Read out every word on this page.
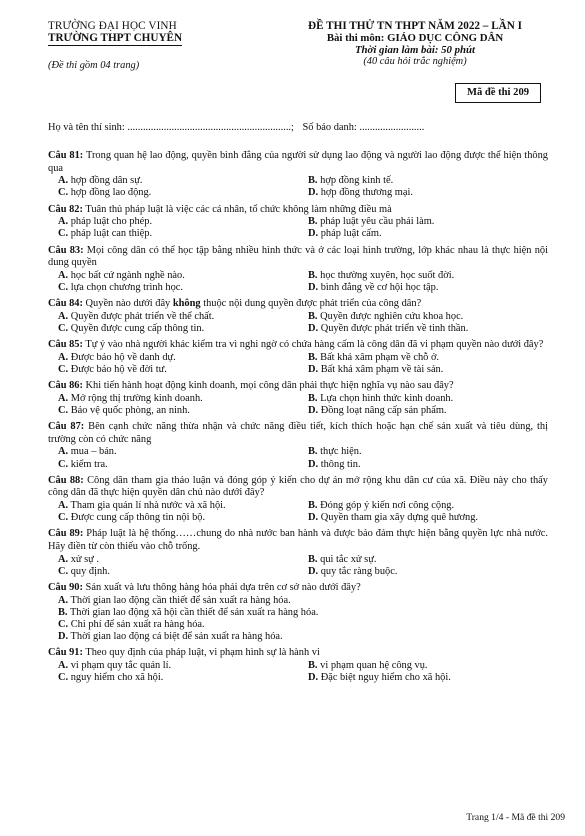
TRƯỜNG ĐẠI HỌC VINH
TRƯỜNG THPT CHUYÊN
(Đề thi gồm 04 trang)
ĐỀ THI THỬ TN THPT NĂM 2022 – LẦN I
Bài thi môn: GIÁO DỤC CÔNG DÂN
Thời gian làm bài: 50 phút
(40 câu hỏi trắc nghiệm)
Mã đề thi 209
Họ và tên thí sinh: ...............................................................; Số báo danh: .........................
Câu 81: Trong quan hệ lao động, quyền bình đẳng của người sử dụng lao động và người lao động được thể hiện thông qua
A. hợp đồng dân sự.	B. hợp đồng kinh tế.
C. hợp đồng lao động.	D. hợp đồng thương mại.
Câu 82: Tuân thủ pháp luật là việc các cá nhân, tổ chức không làm những điều mà
A. pháp luật cho phép.	B. pháp luật yêu cầu phải làm.
C. pháp luật can thiệp.	D. pháp luật cấm.
Câu 83: Mọi công dân có thể học tập bằng nhiều hình thức và ở các loại hình trường, lớp khác nhau là thực hiện nội dung quyền
A. học bất cứ ngành nghề nào.	B. học thường xuyên, học suốt đời.
C. lựa chọn chương trình học.	D. bình đẳng về cơ hội học tập.
Câu 84: Quyền nào dưới đây không thuộc nội dung quyền được phát triển của công dân?
A. Quyền được phát triển về thể chất.	B. Quyền được nghiên cứu khoa học.
C. Quyền được cung cấp thông tin.	D. Quyền được phát triển về tinh thần.
Câu 85: Tự ý vào nhà người khác kiểm tra vì nghi ngờ có chứa hàng cấm là công dân đã vi phạm quyền nào dưới đây?
A. Được bảo hộ về danh dự.	B. Bất khả xâm phạm về chỗ ở.
C. Được bảo hộ về đời tư.	D. Bất khả xâm phạm về tài sản.
Câu 86: Khi tiến hành hoạt động kinh doanh, mọi công dân phải thực hiện nghĩa vụ nào sau đây?
A. Mở rộng thị trường kinh doanh.	B. Lựa chọn hình thức kinh doanh.
C. Bảo vệ quốc phòng, an ninh.	D. Đồng loạt nâng cấp sản phẩm.
Câu 87: Bên cạnh chức năng thừa nhận và chức năng điều tiết, kích thích hoặc hạn chế sản xuất và tiêu dùng, thị trường còn có chức năng
A. mua – bán.	B. thực hiện.
C. kiểm tra.	D. thông tin.
Câu 88: Công dân tham gia thảo luận và đóng góp ý kiến cho dự án mở rộng khu dân cư của xã. Điều này cho thấy công dân đã thực hiện quyền dân chủ nào dưới đây?
A. Tham gia quản lí nhà nước và xã hội.	B. Đóng góp ý kiến nơi công cộng.
C. Được cung cấp thông tin nội bộ.	D. Quyền tham gia xây dựng quê hương.
Câu 89: Pháp luật là hệ thống……chung do nhà nước ban hành và được bảo đảm thực hiện bằng quyền lực nhà nước. Hãy điền từ còn thiếu vào chỗ trống.
A. xử sự .	B. qui tắc xử sự.
C. quy định.	D. quy tắc ràng buộc.
Câu 90: Sản xuất và lưu thông hàng hóa phải dựa trên cơ sở nào dưới đây?
A. Thời gian lao động cần thiết để sản xuất ra hàng hóa.
B. Thời gian lao động xã hội cần thiết để sản xuất ra hàng hóa.
C. Chi phí để sản xuất ra hàng hóa.
D. Thời gian lao động cá biệt để sản xuất ra hàng hóa.
Câu 91: Theo quy định của pháp luật, vi phạm hình sự là hành vi
A. vi phạm quy tắc quản lí.	B. vi phạm quan hệ công vụ.
C. nguy hiểm cho xã hội.	D. Đặc biệt nguy hiểm cho xã hội.
Trang 1/4 - Mã đề thi 209
